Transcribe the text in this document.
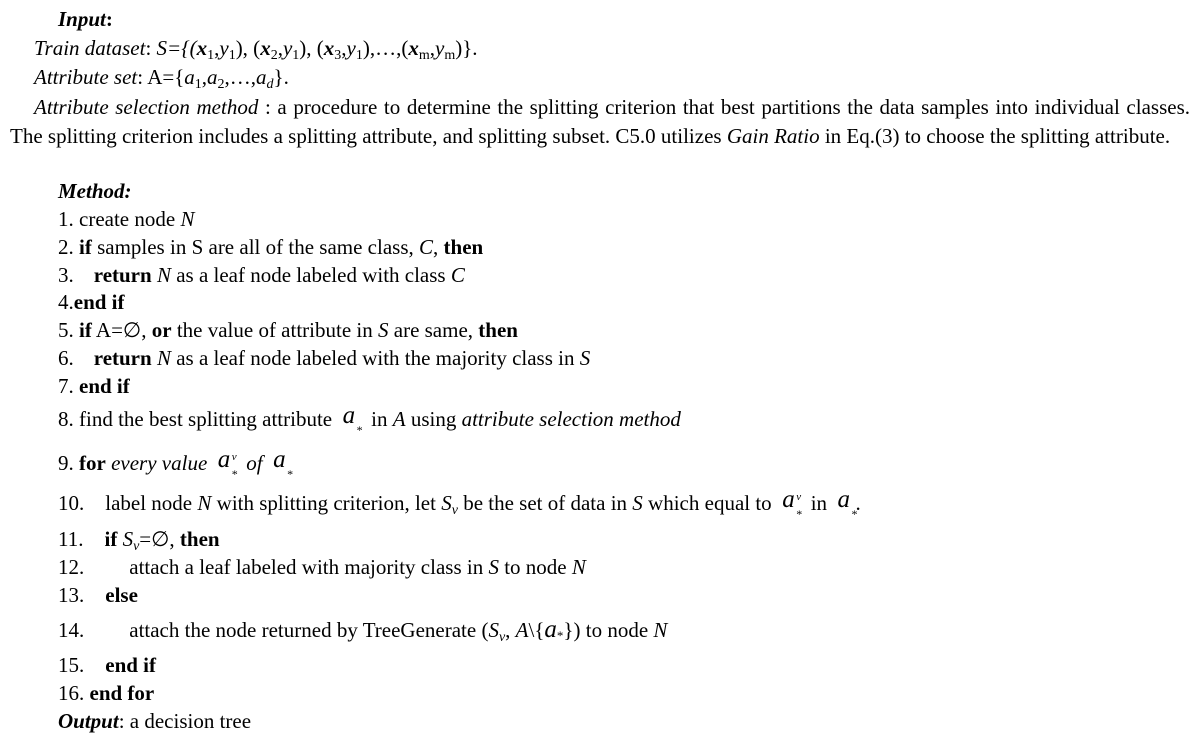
Input:
Train dataset: $S=\{(x_1,y_1)$, $(x_2,y_1)$, $(x_3,y_1),\dots,(x_m,y_m)$}.
Attribute set: $A=\{a_1,a_2,\dots,a_d\}$.
Attribute selection method : a procedure to determine the splitting criterion that best partitions the data samples into individual classes. The splitting criterion includes a splitting attribute, and splitting subset. C5.0 utilizes Gain Ratio in Eq.(3) to choose the splitting attribute.
Method:
1. create node N
2. if samples in S are all of the same class, C, then
3. return N as a leaf node labeled with class C
4.end if
5. if A=∅, or the value of attribute in S are same, then
6. return N as a leaf node labeled with the majority class in S
7. end if
8. find the best splitting attribute a
* in A using attribute selection method
9. for every value a v
* of a
*
10. label node N with splitting criterion, let $S_v$ be the set of data in S which equal to a v
* in a
*
.
11. if $S_v=\emptyset$, then
12. attach a leaf labeled with majority class in S to node N
13. else
14. attach the node returned by TreeGenerate ($S_v$, A\{a*}) to node N
15. end if
16. end for
Output: a decision tree
